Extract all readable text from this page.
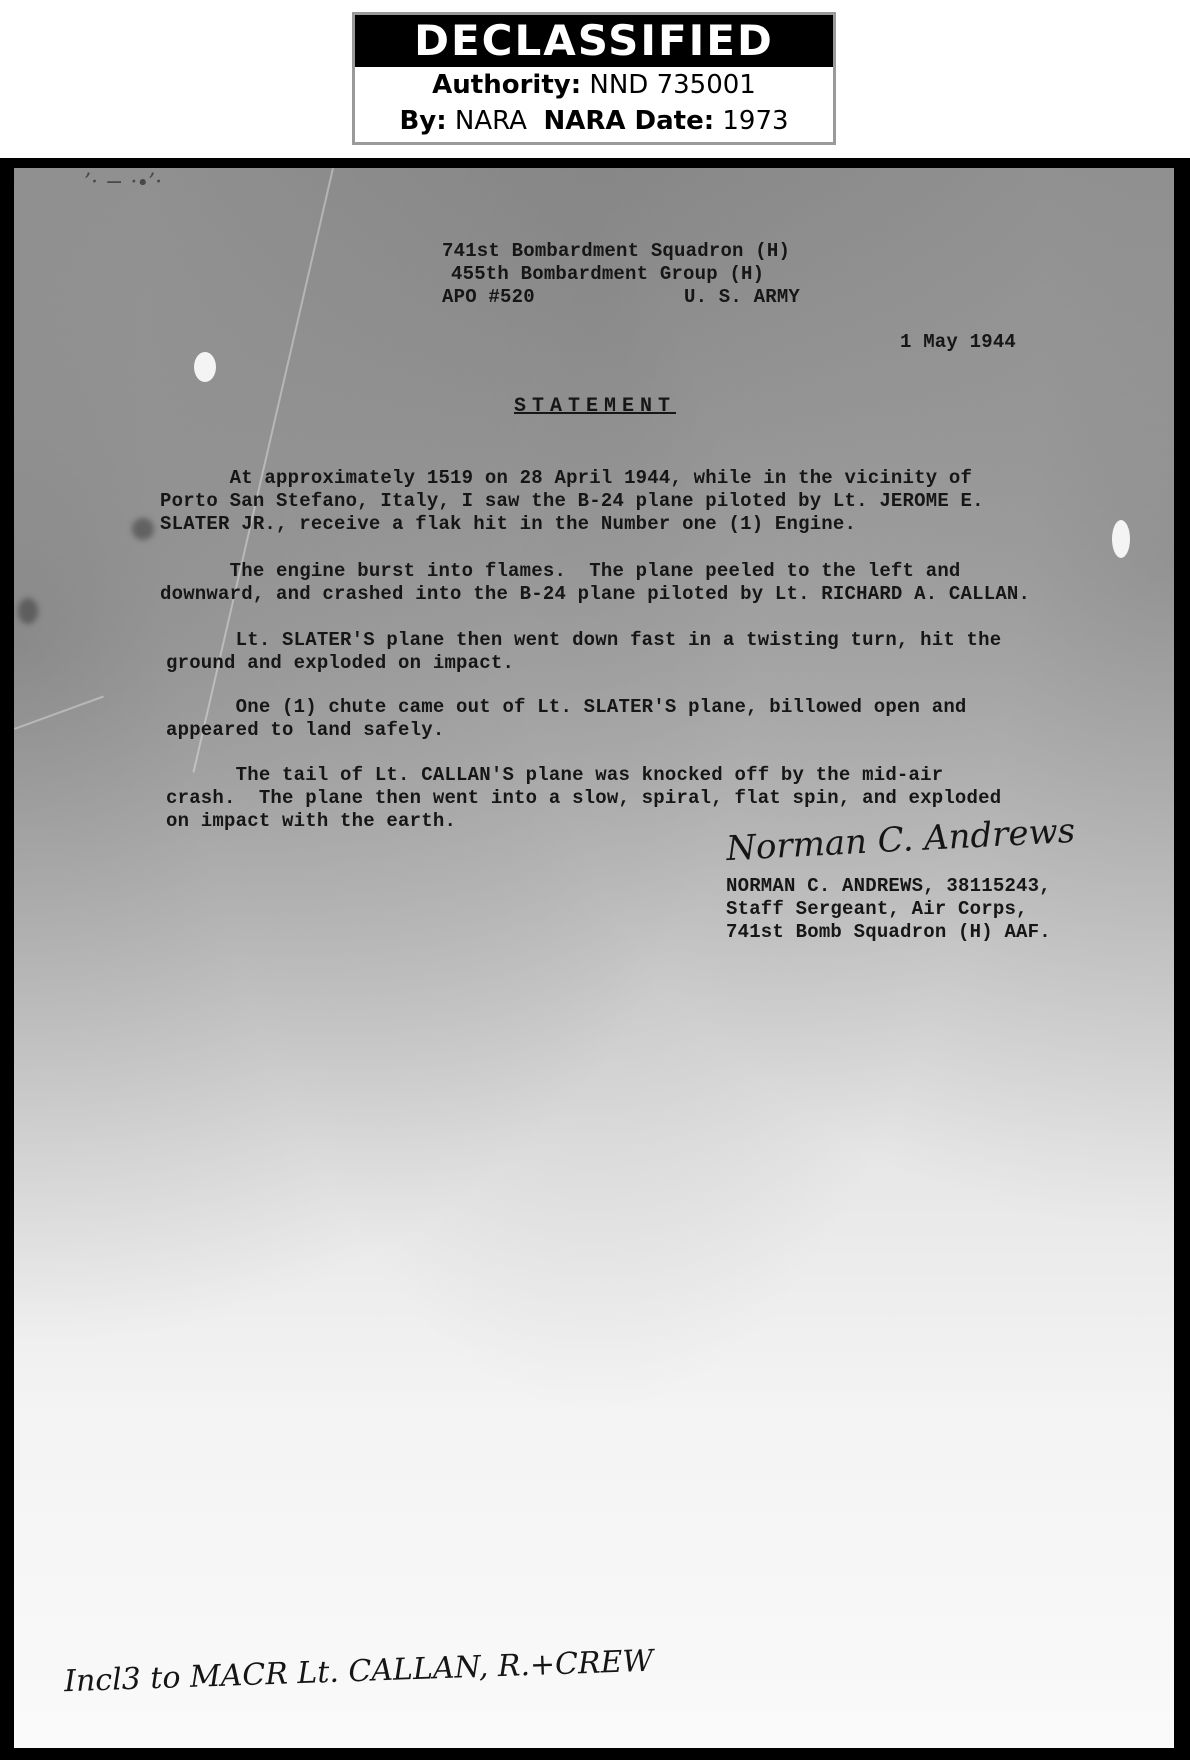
DECLASSIFIED
Authority: NND 735001
By: NARA NARA Date: 1973
’· − ·∙’·
741st Bombardment Squadron (H)
455th Bombardment Group (H)
APO #520	U. S. ARMY
1 May 1944
STATEMENT
At approximately 1519 on 28 April 1944, while in the vicinity of
Porto San Stefano, Italy, I saw the B-24 plane piloted by Lt. JEROME E.
SLATER JR., receive a flak hit in the Number one (1) Engine.
The engine burst into flames.  The plane peeled to the left and
downward, and crashed into the B-24 plane piloted by Lt. RICHARD A. CALLAN.
Lt. SLATER'S plane then went down fast in a twisting turn, hit the
ground and exploded on impact.
One (1) chute came out of Lt. SLATER'S plane, billowed open and
appeared to land safely.
The tail of Lt. CALLAN'S plane was knocked off by the mid-air
crash.  The plane then went into a slow, spiral, flat spin, and exploded
on impact with the earth.	Norman C. Andrews
NORMAN C. ANDREWS, 38115243,
Staff Sergeant, Air Corps,
741st Bomb Squadron (H) AAF.
Incl3 to MACR Lt. CALLAN, R.+CREW
